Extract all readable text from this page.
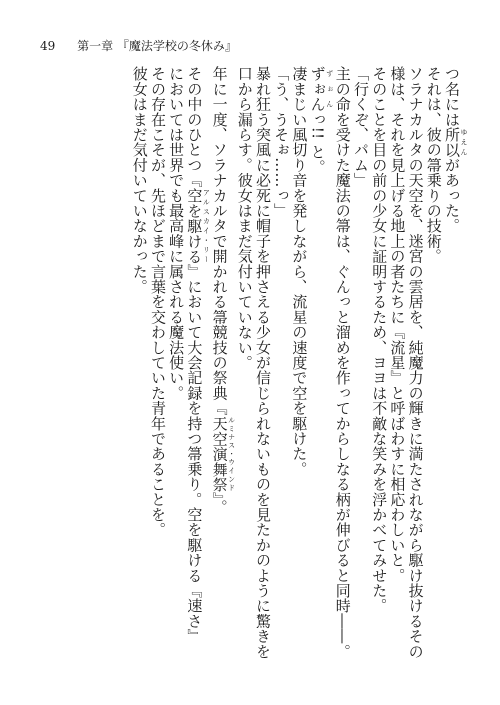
49 第一章 『魔法学校の冬休み』
つ名には所以 ゆえんがあった。
それは、彼の箒乗りの技術。
ソラナカルタの天空を、迷宮の雲居を、純魔力の輝きに満たされながら駆け抜けるその
様は、それを見上げる地上の者たちに『流星』と呼ばわすに相応わしいと。
そのことを目の前の少女に証明するため、ヨヨは不敵な笑みを浮かべてみせた。
「行くぞ、パム」
主の命を受けた魔法の箒は、ぐんっと溜めを作ってからしなる柄が伸びると同時――。
ずぉん ずぉんっ!! と。
凄まじい風切り音を発しながら、流星の速度で空を駆けた。
「う、うそぉ……っ」
暴れ狂う突風に必死に帽子を押さえる少女が信じられないものを見たかのように驚きを
口から漏らす。彼女はまだ気付いていない。
年に一度、ソラナカルタで開かれる箒競技の祭典『天空演舞祭 ルミナス・ウインド』。
その中のひとつ『空を駆ける アルスカイ・リー』において大会記録を持つ箒乗り。空を駆ける『速さ』
においては世界でも最高峰に属される魔法使い。
その存在こそが、先ほどまで言葉を交わしていた青年であることを。
彼女はまだ気付いていなかった。
